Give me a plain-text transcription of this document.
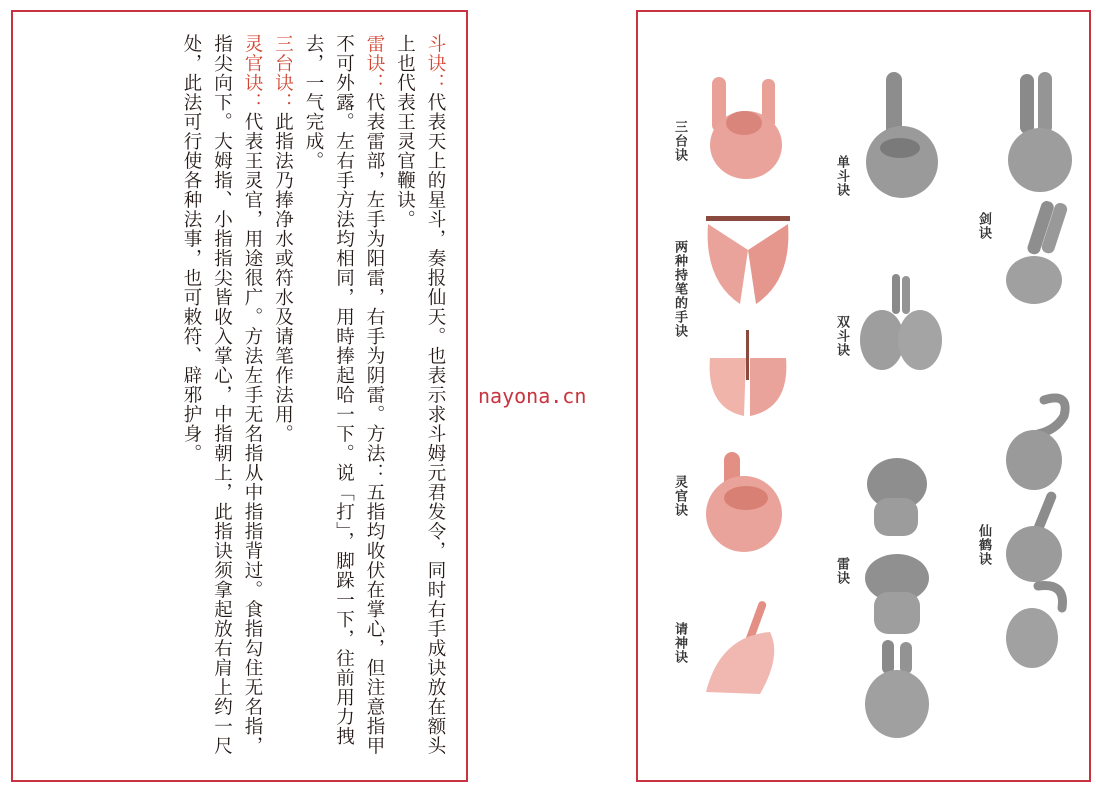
斗诀：代表天上的星斗，奏报仙天。也表示求斗姆元君发令，同时右手成诀放在额头上也代表王灵官鞭诀。雷诀：代表雷部，左手为阳雷，右手为阴雷。方法：五指均收伏在掌心，但注意指甲不可外露。左右手方法均相同，用時捧起哈一下。说「打」，脚跺一下，往前用力拽去，一气完成。三台诀：此指法乃捧净水或符水及请笔作法用。灵官诀：代表王灵官，用途很广。方法左手无名指从中指指背过。食指勾住无名指，指尖向下。大姆指、小指指尖皆收入掌心，中指朝上，此指诀须拿起放右肩上约一尺处，此法可行使各种法事，也可敕符、辟邪护身。	nayona.cn
三台诀
单斗诀
剑诀
两种持笔的手诀	双斗诀
灵官诀
仙鹤诀
雷诀
请神诀
